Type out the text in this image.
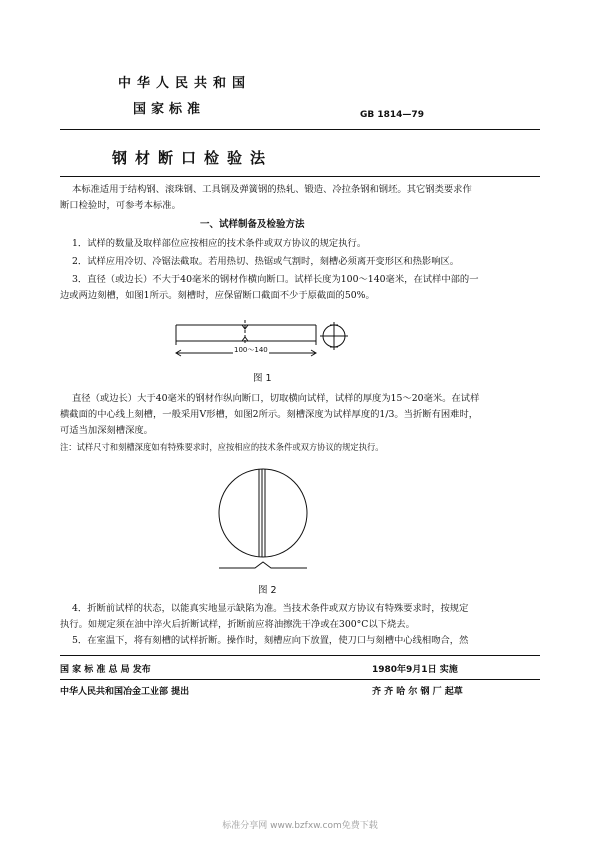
中华人民共和国
国家标准	GB 1814—79
钢材断口检验法
本标准适用于结构钢、滚珠钢、工具钢及弹簧钢的热轧、锻造、冷拉条钢和钢坯。其它钢类要求作
断口检验时，可参考本标准。
一、试样制备及检验方法
1．试样的数量及取样部位应按相应的技术条件或双方协议的规定执行。
2．试样应用冷切、冷锯法截取。若用热切、热锯或气割时，刻槽必须离开变形区和热影响区。
3．直径（或边长）不大于40毫米的钢材作横向断口。试样长度为100～140毫米，在试样中部的一
边或两边刻槽，如图1所示。刻槽时，应保留断口截面不少于原截面的50%。
100～140
图 1
直径（或边长）大于40毫米的钢材作纵向断口，切取横向试样，试样的厚度为15～20毫米。在试样
横截面的中心线上刻槽，一般采用V形槽，如图2所示。刻槽深度为试样厚度的1/3。当折断有困难时，
可适当加深刻槽深度。
注：试样尺寸和刻槽深度如有特殊要求时，应按相应的技术条件或双方协议的规定执行。
图 2
4．折断前试样的状态，以能真实地显示缺陷为准。当技术条件或双方协议有特殊要求时，按规定
执行。如规定须在油中淬火后折断试样，折断前应将油擦洗干净或在300°C以下烧去。
5．在室温下，将有刻槽的试样折断。操作时，刻槽应向下放置，使刀口与刻槽中心线相吻合，然
国 家 标 准 总 局 发布	1980年9月1日 实施
中华人民共和国冶金工业部 提出	齐 齐 哈 尔 钢 厂 起草
标准分享网 www.bzfxw.com免费下载
